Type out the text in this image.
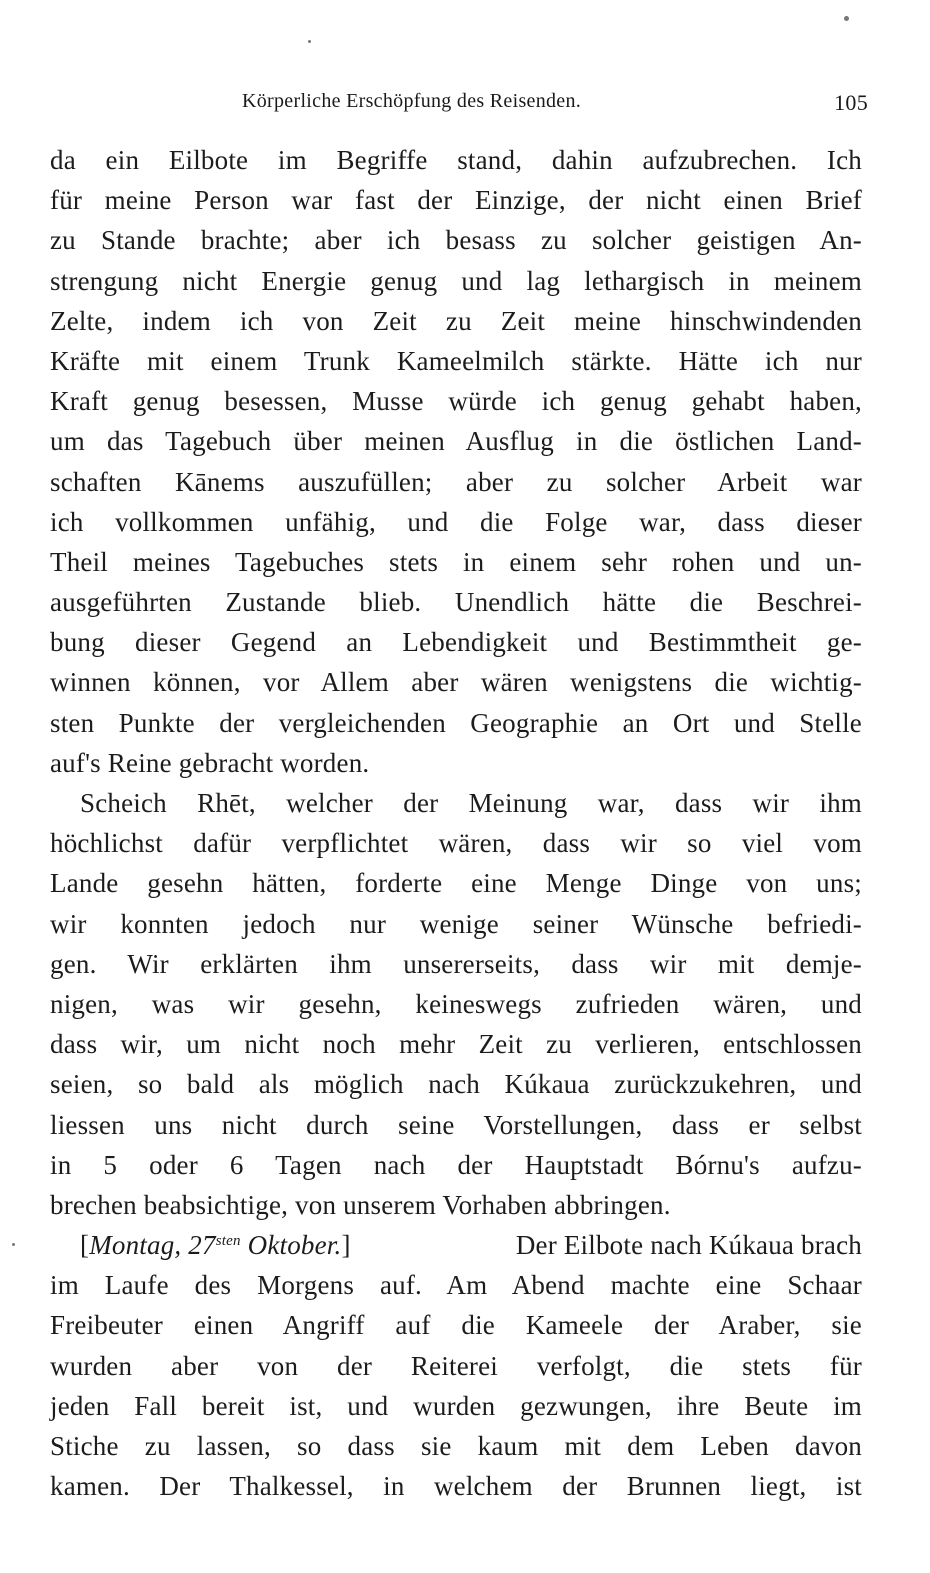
Körperliche Erschöpfung des Reisenden.	105
da ein Eilbote im Begriffe stand, dahin aufzubrechen. Ich
für meine Person war fast der Einzige, der nicht einen Brief
zu Stande brachte; aber ich besass zu solcher geistigen An-
strengung nicht Energie genug und lag lethargisch in meinem
Zelte, indem ich von Zeit zu Zeit meine hinschwindenden
Kräfte mit einem Trunk Kameelmilch stärkte. Hätte ich nur
Kraft genug besessen, Musse würde ich genug gehabt haben,
um das Tagebuch über meinen Ausflug in die östlichen Land-
schaften Kānems auszufüllen; aber zu solcher Arbeit war
ich vollkommen unfähig, und die Folge war, dass dieser
Theil meines Tagebuches stets in einem sehr rohen und un-
ausgeführten Zustande blieb. Unendlich hätte die Beschrei-
bung dieser Gegend an Lebendigkeit und Bestimmtheit ge-
winnen können, vor Allem aber wären wenigstens die wichtig-
sten Punkte der vergleichenden Geographie an Ort und Stelle
auf's Reine gebracht worden.
Scheich Rhēt, welcher der Meinung war, dass wir ihm
höchlichst dafür verpflichtet wären, dass wir so viel vom
Lande gesehn hätten, forderte eine Menge Dinge von uns;
wir konnten jedoch nur wenige seiner Wünsche befriedi-
gen. Wir erklärten ihm unsererseits, dass wir mit demje-
nigen, was wir gesehn, keineswegs zufrieden wären, und
dass wir, um nicht noch mehr Zeit zu verlieren, entschlossen
seien, so bald als möglich nach Kúkaua zurückzukehren, und
liessen uns nicht durch seine Vorstellungen, dass er selbst
in 5 oder 6 Tagen nach der Hauptstadt Bórnu's aufzu-
brechen beabsichtige, von unserem Vorhaben abbringen.
[Montag, $27^{sten}$ Oktober.]	Der Eilbote nach Kúkaua brach
im Laufe des Morgens auf. Am Abend machte eine Schaar
Freibeuter einen Angriff auf die Kameele der Araber, sie
wurden aber von der Reiterei verfolgt, die stets für
jeden Fall bereit ist, und wurden gezwungen, ihre Beute im
Stiche zu lassen, so dass sie kaum mit dem Leben davon
kamen. Der Thalkessel, in welchem der Brunnen liegt, ist
